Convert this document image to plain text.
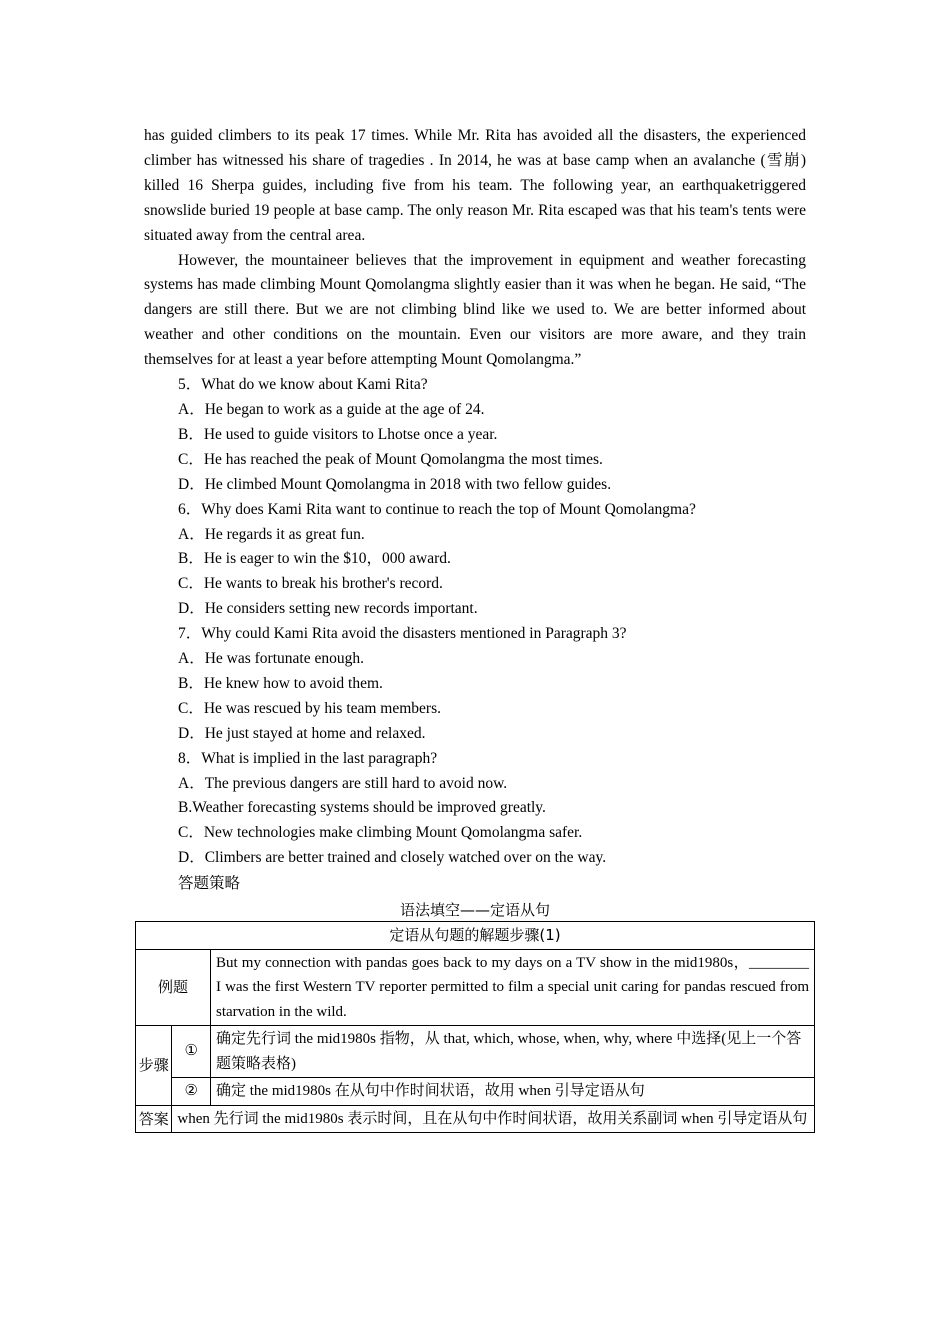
has guided climbers to its peak 17 times. While Mr. Rita has avoided all the disasters, the experienced climber has witnessed his share of tragedies . In 2014, he was at base camp when an avalanche (雪崩) killed 16 Sherpa guides, including five from his team. The following year, an earthquaketriggered snowslide buried 19 people at base camp. The only reason Mr. Rita escaped was that his team's tents were situated away from the central area.

However, the mountaineer believes that the improvement in equipment and weather forecasting systems has made climbing Mount Qomolangma slightly easier than it was when he began. He said, “The dangers are still there. But we are not climbing blind like we used to. We are better informed about weather and other conditions on the mountain. Even our visitors are more aware, and they train themselves for at least a year before attempting Mount Qomolangma.”

5．What do we know about Kami Rita?

A．He began to work as a guide at the age of 24.

B．He used to guide visitors to Lhotse once a year.

C．He has reached the peak of Mount Qomolangma the most times.

D．He climbed Mount Qomolangma in 2018 with two fellow guides.

6．Why does Kami Rita want to continue to reach the top of Mount Qomolangma?

A．He regards it as great fun.

B．He is eager to win the $10，000 award.

C．He wants to break his brother's record.

D．He considers setting new records important.

7．Why could Kami Rita avoid the disasters mentioned in Paragraph 3?

A．He was fortunate enough.

B．He knew how to avoid them.

C．He was rescued by his team members.

D．He just stayed at home and relaxed.

8．What is implied in the last paragraph?

A．The previous dangers are still hard to avoid now.

B.Weather forecasting systems should be improved greatly.

C．New technologies make climbing Mount Qomolangma safer.

D．Climbers are better trained and closely watched over on the way.

答题策略

语法填空——定语从句
定语从句题的解题步骤(1)		
例题		But my connection with pandas goes back to my days on a TV show in the mid1980s，________ I was the first Western TV reporter permitted to film a special unit caring for pandas rescued from starvation in the wild.
步骤	①	确定先行词 the mid1980s 指物，从 that, which, whose, when, why, where 中选择(见上一个答题策略表格)
	②	确定 the mid1980s 在从句中作时间状语，故用 when 引导定语从句
答案	when 先行词 the mid1980s 表示时间，且在从句中作时间状语，故用关系副词 when 引导定语从句	
